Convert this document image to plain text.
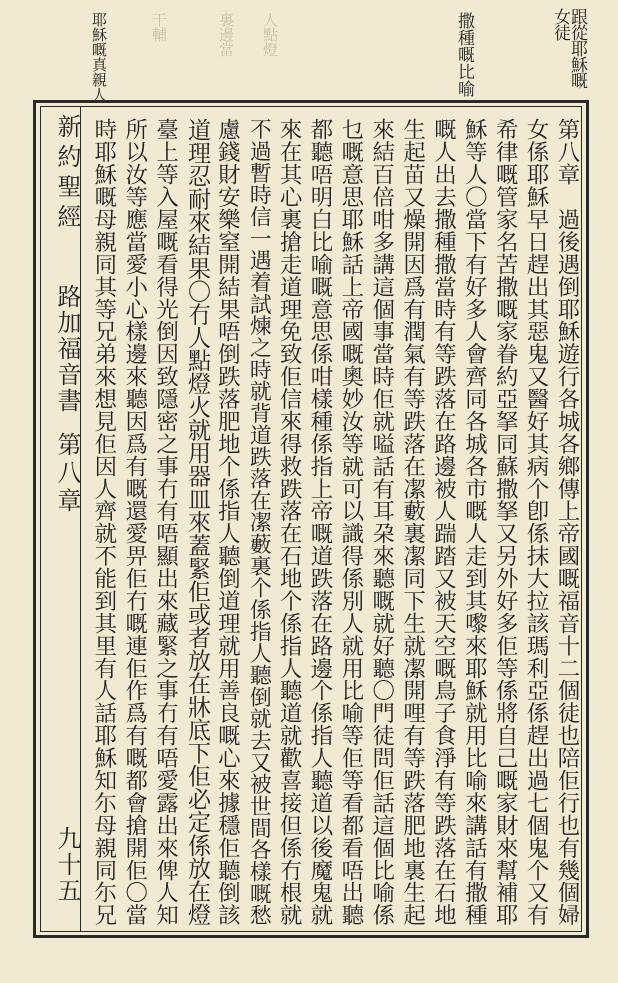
跟從耶穌嘅女徒
撒種嘅比喻
耶穌嘅真親人	人點燈
裏邊當
干輔
新約聖經
路加福音書
第八章
九十五	第八章　過後遇倒耶穌遊行各城各鄉傳上帝國嘅福音十二個徒也陪佢行也有幾個婦
女係耶穌早日趕出其惡鬼又醫好其病个卽係抹大拉該瑪利亞係趕出過七個鬼个又有
希律嘅管家名苦撒嘅家眷約亞拏同蘇撒拏又另外好多佢等係將自己嘅家財來幫補耶
穌等人〇當下有好多人會齊同各城各市嘅人走到其嚟來耶穌就用比喻來講話有撒種
嘅人出去撒種撒當時有等跌落在路邊被人踹踏又被天空嘅鳥子食淨有等跌落在石地
生起苗又燥開因爲有潤氣有等跌落在㓗藪裏㓗同下生就㓗開哩有等跌落肥地裏生起
來結百倍咁多講這個事當時佢就嗌話有耳朶來聽嘅就好聽〇門徒問佢話這個比喻係
乜嘅意思耶穌話上帝國嘅奧妙汝等就可以識得係別人就用比喻等佢等看都看唔出聽
都聽唔明白比喻嘅意思係咁樣種係指上帝嘅道跌落在路邊个係指人聽道以後魔鬼就
來在其心裏搶走道理免致佢信來得救跌落在石地个係指人聽道就歡喜接但係冇根就
不過暫時信一遇着試煉之時就背道跌落在㓗藪裏个係指人聽倒就去又被世間各樣嘅愁
慮錢財安樂窒開結果唔倒跌落肥地个係指人聽倒道理就用善良嘅心來據穩佢聽倒該
道理忍耐來結果〇冇人點燈火就用器皿來蓋緊佢或者放在牀底下佢必定係放在燈
臺上等入屋嘅看得光倒因致隱密之事冇有唔顯出來藏緊之事冇有唔愛露出來俾人知
所以汝等應當愛小心樣邊來聽因爲有嘅還愛畀佢冇嘅連佢作爲有嘅都會搶開佢〇當
時耶穌嘅母親同其等兄弟來想見佢因人齊就不能到其里有人話耶穌知尓母親同尓兄
